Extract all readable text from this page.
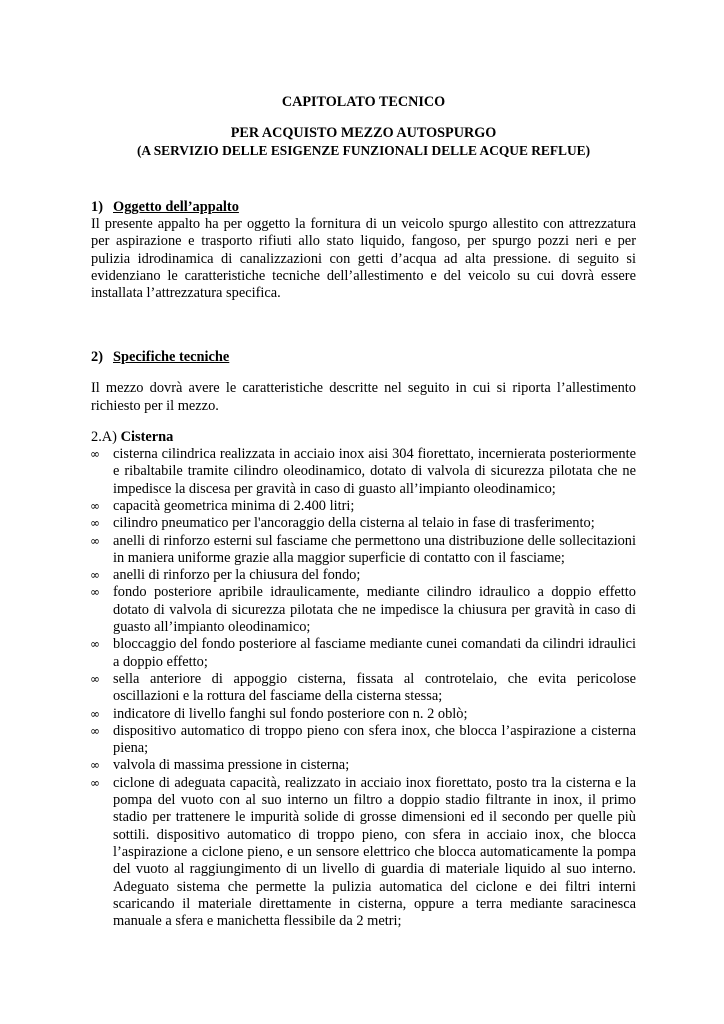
CAPITOLATO TECNICO

PER ACQUISTO MEZZO AUTOSPURGO

(A SERVIZIO DELLE ESIGENZE FUNZIONALI DELLE ACQUE REFLUE)

1) Oggetto dell’appalto

Il presente appalto ha per oggetto la fornitura di un veicolo spurgo allestito con attrezzatura per aspirazione e trasporto rifiuti allo stato liquido, fangoso, per spurgo pozzi neri e per pulizia idrodinamica di canalizzazioni con getti d’acqua ad alta pressione. di seguito si evidenziano le caratteristiche tecniche dell’allestimento e del veicolo su cui dovrà essere installata l’attrezzatura specifica.

2) Specifiche tecniche

Il mezzo dovrà avere le caratteristiche descritte nel seguito in cui si riporta l’allestimento richiesto per il mezzo.

2.A) Cisterna

∞ cisterna cilindrica realizzata in acciaio inox aisi 304 fiorettato, incernierata posteriormente e ribaltabile tramite cilindro oleodinamico, dotato di valvola di sicurezza pilotata che ne impedisce la discesa per gravità in caso di guasto all’impianto oleodinamico;
∞ capacità geometrica minima di 2.400 litri;
∞ cilindro pneumatico per l'ancoraggio della cisterna al telaio in fase di trasferimento;
∞ anelli di rinforzo esterni sul fasciame che permettono una distribuzione delle sollecitazioni in maniera uniforme grazie alla maggior superficie di contatto con il fasciame;
∞ anelli di rinforzo per la chiusura del fondo;
∞ fondo posteriore apribile idraulicamente, mediante cilindro idraulico a doppio effetto dotato di valvola di sicurezza pilotata che ne impedisce la chiusura per gravità in caso di guasto all’impianto oleodinamico;
∞ bloccaggio del fondo posteriore al fasciame mediante cunei comandati da cilindri idraulici a doppio effetto;
∞ sella anteriore di appoggio cisterna, fissata al controtelaio, che evita pericolose oscillazioni e la rottura del fasciame della cisterna stessa;
∞ indicatore di livello fanghi sul fondo posteriore con n. 2 oblò;
∞ dispositivo automatico di troppo pieno con sfera inox, che blocca l’aspirazione a cisterna piena;
∞ valvola di massima pressione in cisterna;
∞ ciclone di adeguata capacità, realizzato in acciaio inox fiorettato, posto tra la cisterna e la pompa del vuoto con al suo interno un filtro a doppio stadio filtrante in inox, il primo stadio per trattenere le impurità solide di grosse dimensioni ed il secondo per quelle più sottili. dispositivo automatico di troppo pieno, con sfera in acciaio inox, che blocca l’aspirazione a ciclone pieno, e un sensore elettrico che blocca automaticamente la pompa del vuoto al raggiungimento di un livello di guardia di materiale liquido al suo interno. Adeguato sistema che permette la pulizia automatica del ciclone e dei filtri interni scaricando il materiale direttamente in cisterna, oppure a terra mediante saracinesca manuale a sfera e manichetta flessibile da 2 metri;
